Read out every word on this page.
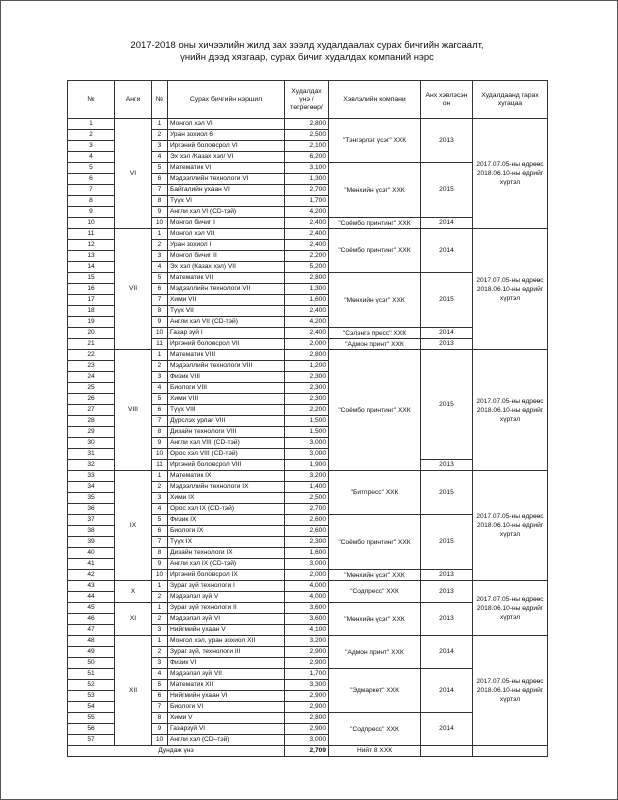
2017-2018 оны хичээлийн жилд зах зээлд худалдаалах сурах бичгийн жагсаалт,
үнийн дээд хязгаар, сурах бичиг худалдах компаний нэрс
№	Анги	№	Сурах бичгийн нэршил	Худалдах үнэ /төгрөгөөр/	Хэвлэлийн компани	Анх хэвлэсэн он	Худалдаанд гарах хугацаа
1	VI	1	Монгол хэл VI	2,800	"Тэнгэрлэг үсэг" ХХК	2013	2017.07.05-ны өдрөөс 2018.06.10-ны өдрийг хүртэл
2		2	Уран зохиол 6	2,500			
3		3	Иргэний боловсрол VI	2,100			
4		4	Эх хэл /Казах хэл/ VI	6,200			
5		5	Математик VI	3,100	"Мөнхийн үсэг" ХХК	2015	
6		6	Мэдээллийн технологи VI	1,300			
7		7	Байгалийн ухаан VI	2,700			
8		8	Түүх VI	1,700			
9		9	Англи хэл VI (CD-тэй)	4,200			
10		10	Монгол бичиг I	2,400	"Соёмбо принтинг" ХХК	2014	
11	VII	1	Монгол хэл VII	2,400	"Соёмбо принтинг" ХХК	2014	2017.07.05-ны өдрөөс 2018.06.10-ны өдрийг хүртэл
12		2	Уран зохиол I	2,400			
13		3	Монгол бичиг II	2,200			
14		4	Эх хэл (Казах хэл) VII	5,200			
15		5	Математик VII	2,800	"Мөнхийн үсэг" ХХК	2015	
16		6	Мэдээллийн технологи VII	1,300			
17		7	Хими VII	1,600			
18		8	Түүх VII	2,400			
19		9	Англи хэл VII (CD-тэй)	4,200			
20		10	Газар зүй I	2,400	"Сэлэнгэ пресс" ХХК	2014	
21		11	Иргэний боловсрол VII	2,000	"Адмон принт" ХХК	2013	
22	VIII	1	Математик VIII	2,800	"Соёмбо принтинг" ХХК	2015	2017.07.05-ны өдрөөс 2018.06.10-ны өдрийг хүртэл
23		2	Мэдээллийн технологи VIII	1,200			
24		3	Физик VIII	2,300			
25		4	Биологи VIII	2,300			
26		5	Хими VIII	2,300			
27		6	Түүх VIII	2,200			
28		7	Дүрслэх урлаг VIII	1,500			
29		8	Дизайн технологи VIII	1,500			
30		9	Англи хэл VIII (CD-тэй)	3,000			
31		10	Орос хэл VIII (CD-тэй)	3,000			
32		11	Иргэний боловсрол VIII	1,900		2013	
33	IX	1	Математик IX	3,200	"Битпресс" ХХК	2015	2017.07.05-ны өдрөөс 2018.06.10-ны өдрийг хүртэл
34		2	Мэдээллийн технологи IX	1,400			
35		3	Хими IX	2,500			
36		4	Орос хэл IX (CD-тэй)	2,700			
37		5	Физик IX	2,600	"Соёмбо принтинг" ХХК	2015	
38		6	Биологи IX	2,600			
39		7	Түүх IX	2,300			
40		8	Дизайн технологи IX	1,600			
41		9	Англи хэл IX (CD-тэй)	3,000			
42		10	Иргэний боловсрол IX	2,000	"Мөнхийн үсэг" ХХК	2013	
43	X	1	Зураг зүй технологи I	4,000	"Содпресс" ХХК	2013	2017.07.05-ны өдрөөс 2018.06.10-ны өдрийг хүртэл
44		2	Мэдээлэл зүй V	4,000			
45	XI	1	Зураг зүй технологи II	3,600	"Мөнхийн үсэг" ХХК	2013	
46		2	Мэдээлэл зүй VI	3,600			
47		3	Нийгмийн ухаан V	4,100			
48	XII	1	Монгол хэл, уран зохиол XII	3,200	"Адмон принт" ХХК	2014	2017.07.05-ны өдрөөс 2018.06.10-ны өдрийг хүртэл
49		2	Зураг зүй, технологи III	2,900			
50		3	Физик VI	2,900			
51		4	Мэдээлэл зүй VII	1,700	"Эдмаркет" ХХК	2014	
52		5	Математик XII	3,300			
53		6	Нийгмийн ухаан VI	2,900			
54		7	Биологи VI	2,900			
55		8	Хими V	2,800	"Содпресс" ХХК	2014	
56		9	Газарзүй VI	2,900			
57		10	Англи хэл (CD–тэй)	3,000			
Дундаж үнэ				2,709	Нийт 8 ХХК		
